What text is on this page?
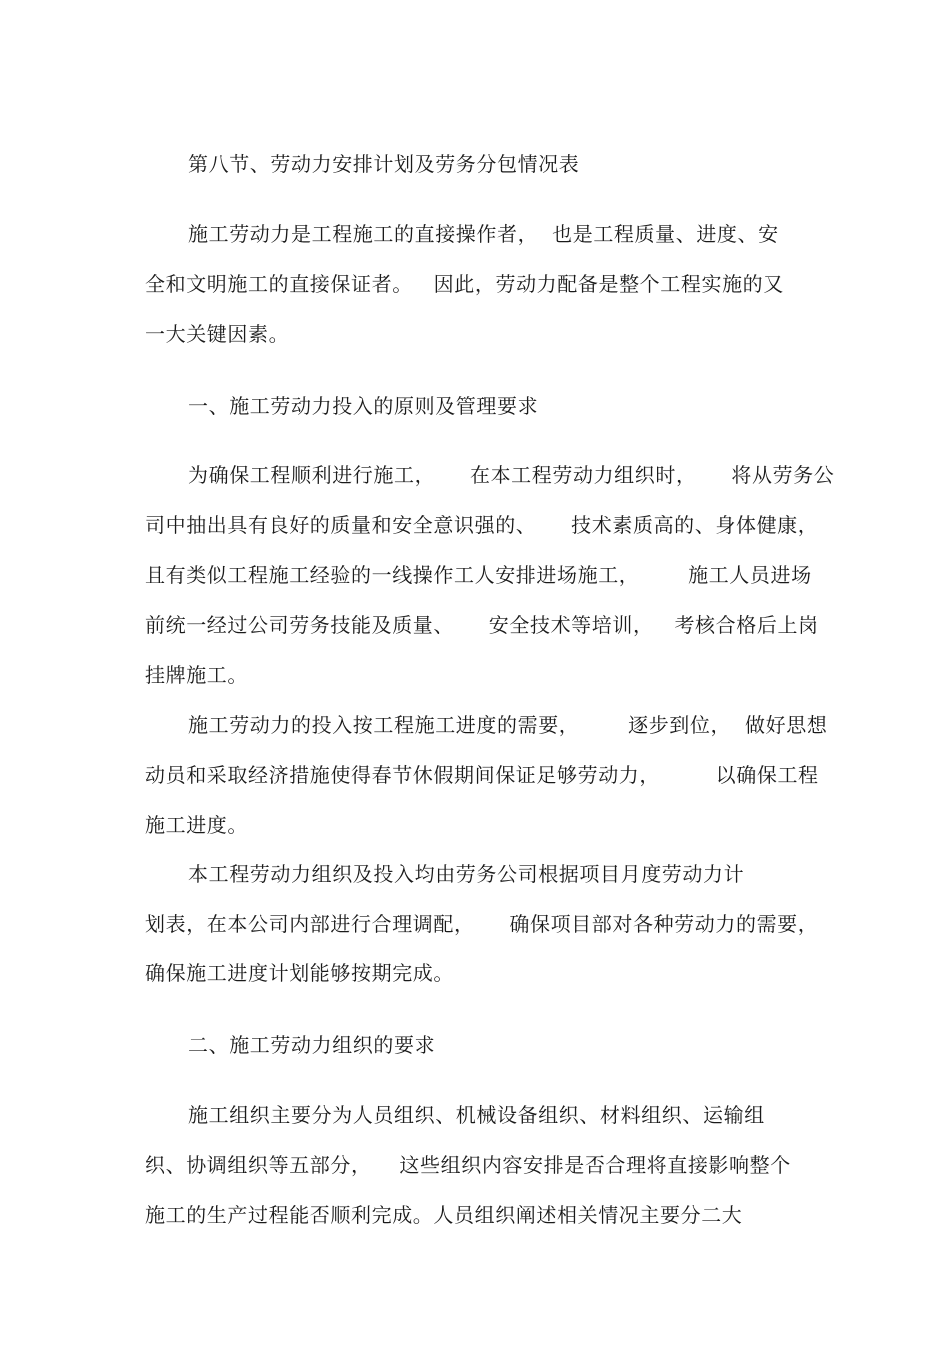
第八节、劳动力安排计划及劳务分包情况表
施工劳动力是工程施工的直接操作者，  也是工程质量、进度、安
全和文明施工的直接保证者。   因此，劳动力配备是整个工程实施的又
一大关键因素。
一、施工劳动力投入的原则及管理要求
为确保工程顺利进行施工，     在本工程劳动力组织时，     将从劳务公
司中抽出具有良好的质量和安全意识强的、     技术素质高的、身体健康，
且有类似工程施工经验的一线操作工人安排进场施工，       施工人员进场
前统一经过公司劳务技能及质量、     安全技术等培训，   考核合格后上岗
挂牌施工。
施工劳动力的投入按工程施工进度的需要，       逐步到位，  做好思想
动员和采取经济措施使得春节休假期间保证足够劳动力，        以确保工程
施工进度。
本工程劳动力组织及投入均由劳务公司根据项目月度劳动力计
划表，在本公司内部进行合理调配，     确保项目部对各种劳动力的需要，
确保施工进度计划能够按期完成。
二、施工劳动力组织的要求
施工组织主要分为人员组织、机械设备组织、材料组织、运输组
织、协调组织等五部分，    这些组织内容安排是否合理将直接影响整个
施工的生产过程能否顺利完成。人员组织阐述相关情况主要分二大
